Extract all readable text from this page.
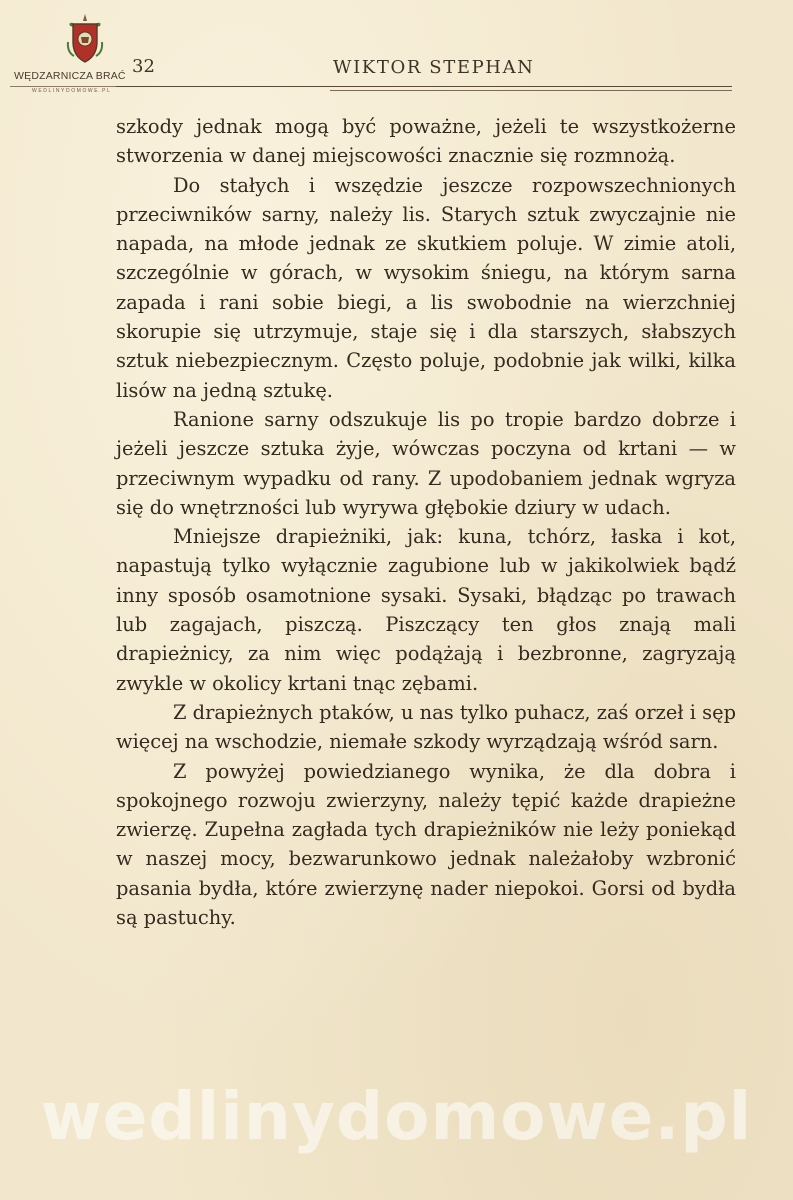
WĘDZARNICZA BRAĆ
WEDLINYDOMOWE.PL
32	WIKTOR STEPHAN

szkody jednak mogą być poważne, jeżeli te wszystkożerne stworzenia w danej miejscowości znacznie się rozmnożą.

Do stałych i wszędzie jeszcze rozpowszechnionych przeciwników sarny, należy lis. Starych sztuk zwyczajnie nie napada, na młode jednak ze skutkiem poluje. W zimie atoli, szczególnie w górach, w wysokim śniegu, na którym sarna zapada i rani sobie biegi, a lis swobodnie na wierzchniej skorupie się utrzymuje, staje się i dla starszych, słabszych sztuk niebezpiecznym. Często poluje, podobnie jak wilki, kilka lisów na jedną sztukę.

Ranione sarny odszukuje lis po tropie bardzo dobrze i jeżeli jeszcze sztuka żyje, wówczas poczyna od krtani — w przeciwnym wypadku od rany. Z upodobaniem jednak wgryza się do wnętrzności lub wyrywa głębokie dziury w udach.

Mniejsze drapieżniki, jak: kuna, tchórz, łaska i kot, napastują tylko wyłącznie zagubione lub w jakikolwiek bądź inny sposób osamotnione sysaki. Sysaki, błądząc po trawach lub zagajach, piszczą. Piszczący ten głos znają mali drapieżnicy, za nim więc podążają i bezbronne, zagryzają zwykle w okolicy krtani tnąc zębami.

Z drapieżnych ptaków, u nas tylko puhacz, zaś orzeł i sęp więcej na wschodzie, niemałe szkody wyrządzają wśród sarn.

Z powyżej powiedzianego wynika, że dla dobra i spokojnego rozwoju zwierzyny, należy tępić każde drapieżne zwierzę. Zupełna zagłada tych drapieżników nie leży poniekąd w naszej mocy, bezwarunkowo jednak należałoby wzbronić pasania bydła, które zwierzynę nader niepokoi. Gorsi od bydła są pastuchy.

wedlinydomowe.pl
